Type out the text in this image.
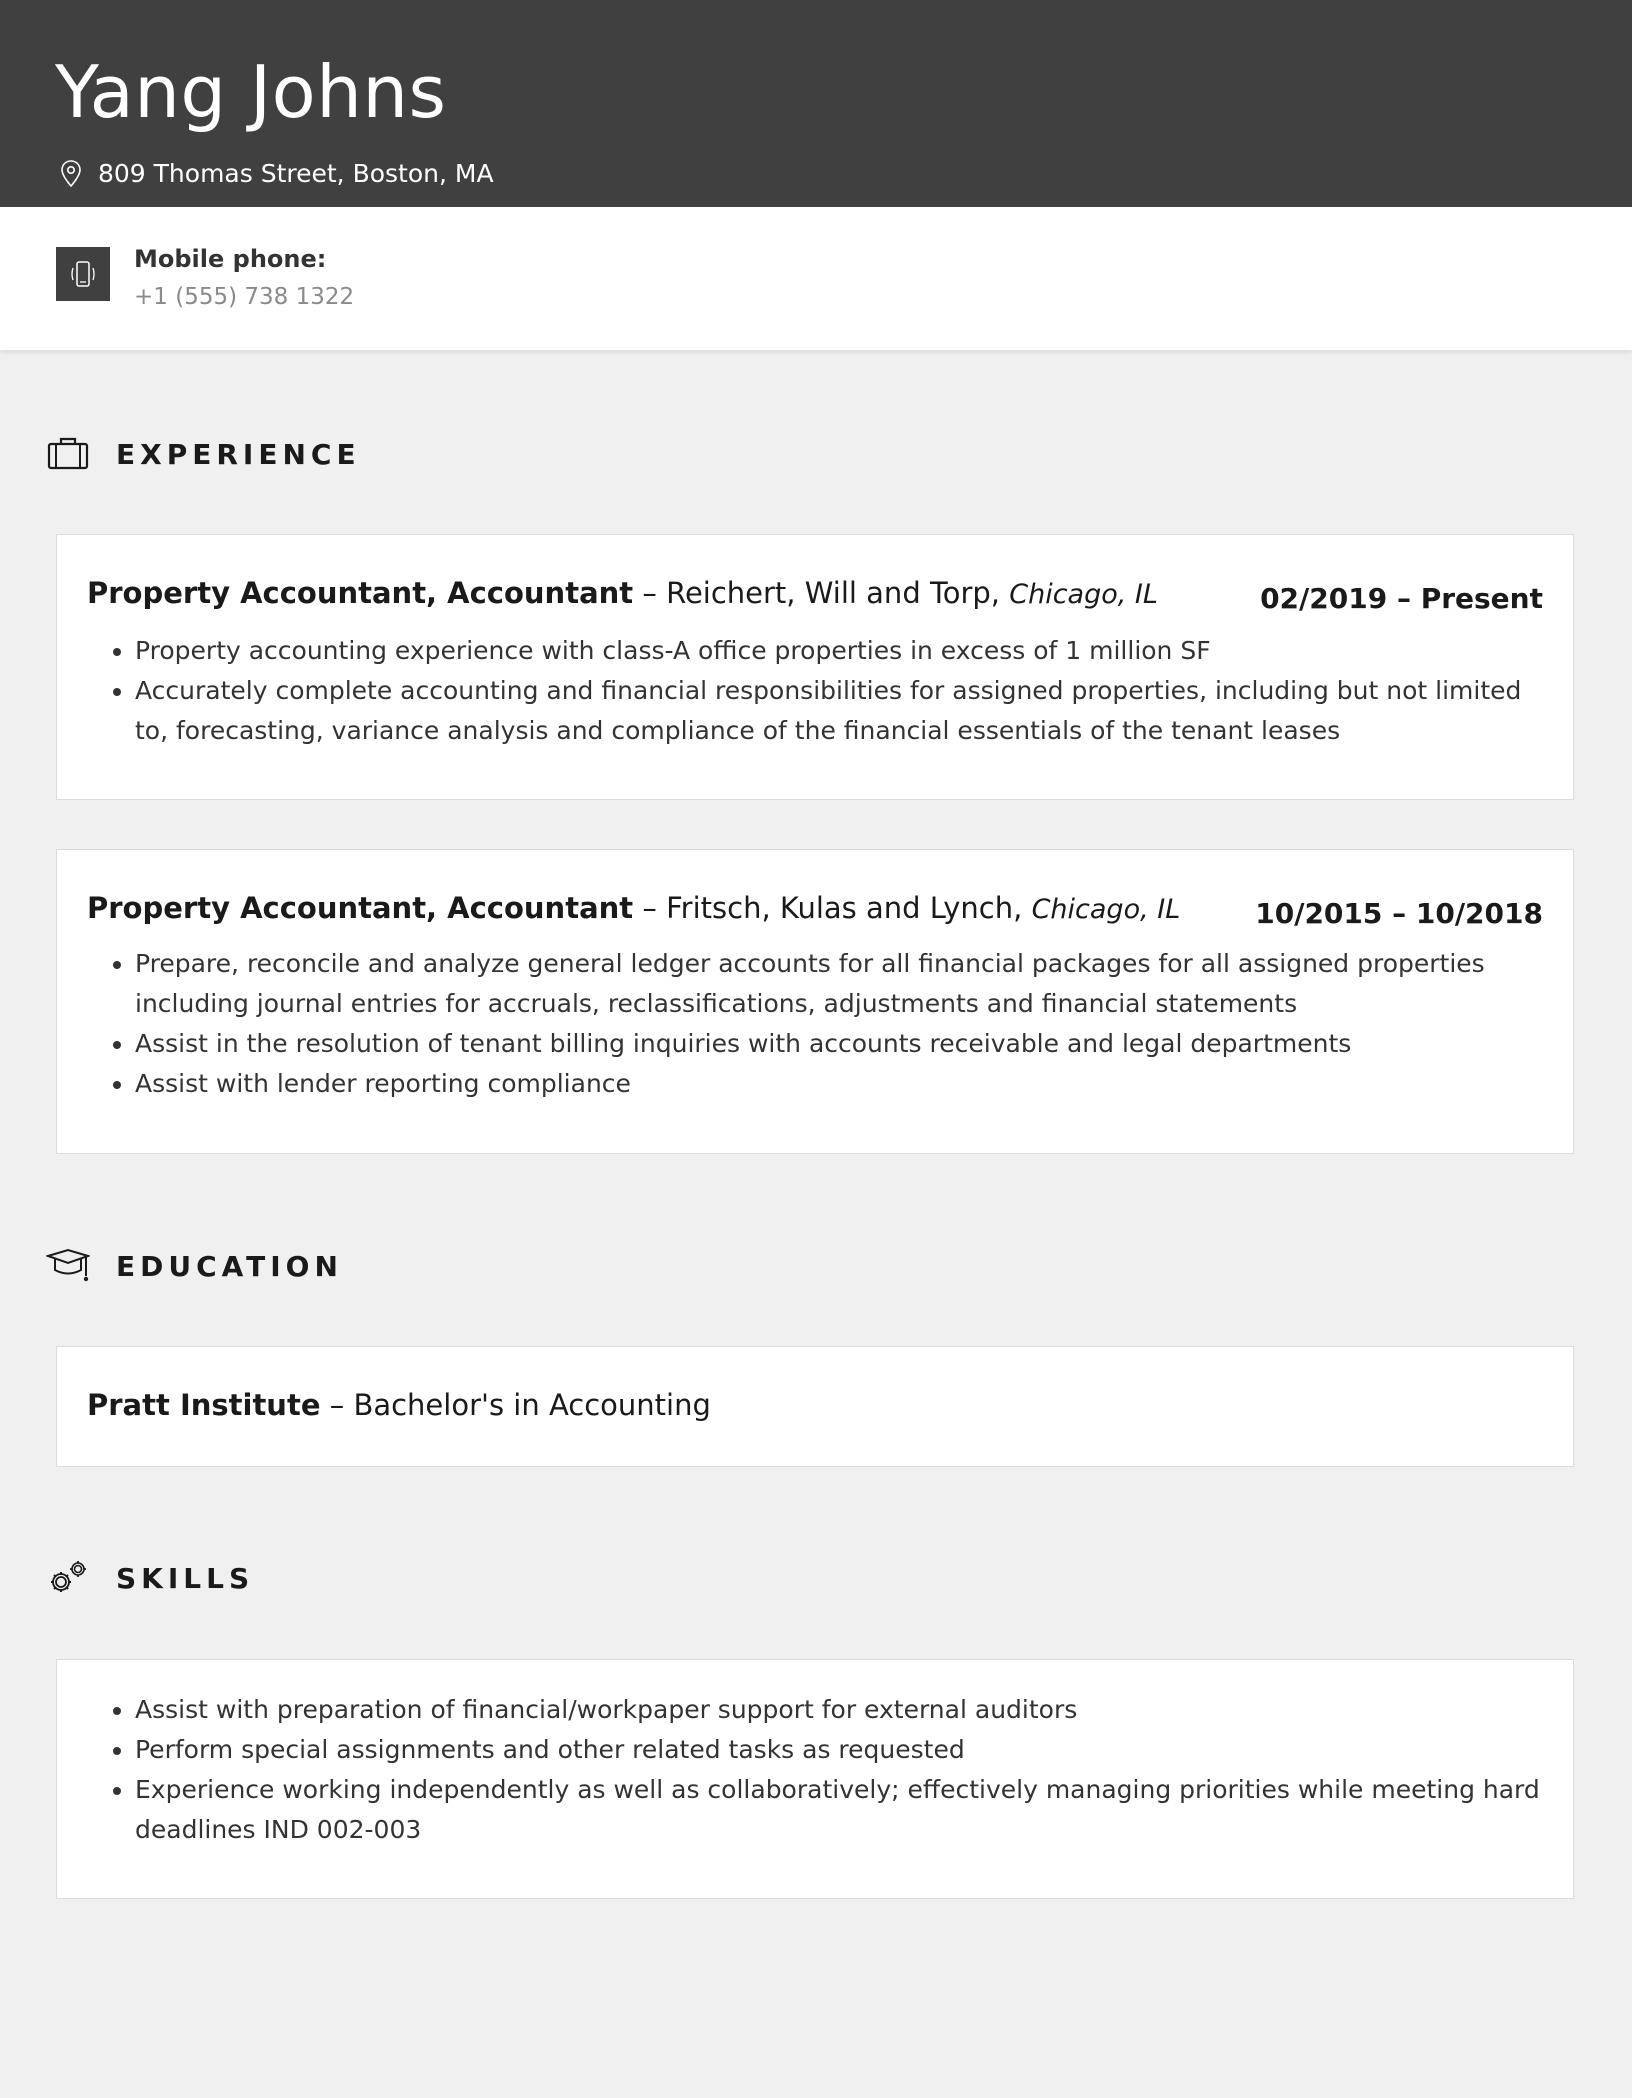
Yang Johns
809 Thomas Street, Boston, MA
Mobile phone:
+1 (555) 738 1322
EXPERIENCE
Property Accountant, Accountant – Reichert, Will and Torp, Chicago, IL	02/2019 – Present
• Property accounting experience with class-A office properties in excess of 1 million SF
• Accurately complete accounting and financial responsibilities for assigned properties, including but not limited to, forecasting, variance analysis and compliance of the financial essentials of the tenant leases
Property Accountant, Accountant – Fritsch, Kulas and Lynch, Chicago, IL	10/2015 – 10/2018
• Prepare, reconcile and analyze general ledger accounts for all financial packages for all assigned properties including journal entries for accruals, reclassifications, adjustments and financial statements
• Assist in the resolution of tenant billing inquiries with accounts receivable and legal departments
• Assist with lender reporting compliance
EDUCATION
Pratt Institute – Bachelor's in Accounting
SKILLS
• Assist with preparation of financial/workpaper support for external auditors
• Perform special assignments and other related tasks as requested
• Experience working independently as well as collaboratively; effectively managing priorities while meeting hard deadlines IND 002-003
